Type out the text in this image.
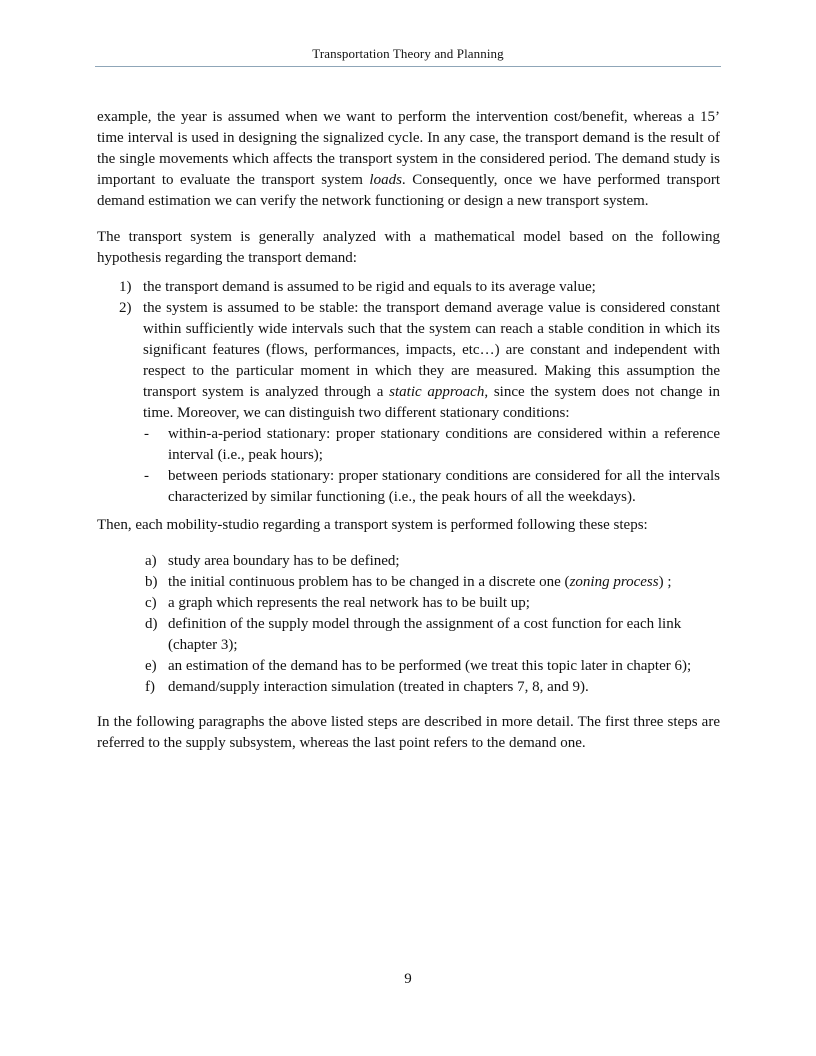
Transportation Theory and Planning

example, the year is assumed when we want to perform the intervention cost/benefit, whereas a 15’ time interval is used in designing the signalized cycle. In any case, the transport demand is the result of the single movements which affects the transport system in the considered period. The demand study is important to evaluate the transport system loads. Consequently, once we have performed transport demand estimation we can verify the network functioning or design a new transport system.

The transport system is generally analyzed with a mathematical model based on the following hypothesis regarding the transport demand:

1) the transport demand is assumed to be rigid and equals to its average value;
2) the system is assumed to be stable: the transport demand average value is considered constant within sufficiently wide intervals such that the system can reach a stable condition in which its significant features (flows, performances, impacts, etc…) are constant and independent with respect to the particular moment in which they are measured. Making this assumption the transport system is analyzed through a static approach, since the system does not change in time. Moreover, we can distinguish two different stationary conditions:
- within-a-period stationary: proper stationary conditions are considered within a reference interval (i.e., peak hours);
- between periods stationary: proper stationary conditions are considered for all the intervals characterized by similar functioning (i.e., the peak hours of all the weekdays).

Then, each mobility-studio regarding a transport system is performed following these steps:

a) study area boundary has to be defined;
b) the initial continuous problem has to be changed in a discrete one (zoning process) ;
c) a graph which represents the real network has to be built up;
d) definition of the supply model through the assignment of a cost function for each link (chapter 3);
e) an estimation of the demand has to be performed (we treat this topic later in chapter 6);
f) demand/supply interaction simulation (treated in chapters 7, 8, and 9).

In the following paragraphs the above listed steps are described in more detail. The first three steps are referred to the supply subsystem, whereas the last point refers to the demand one.

9
